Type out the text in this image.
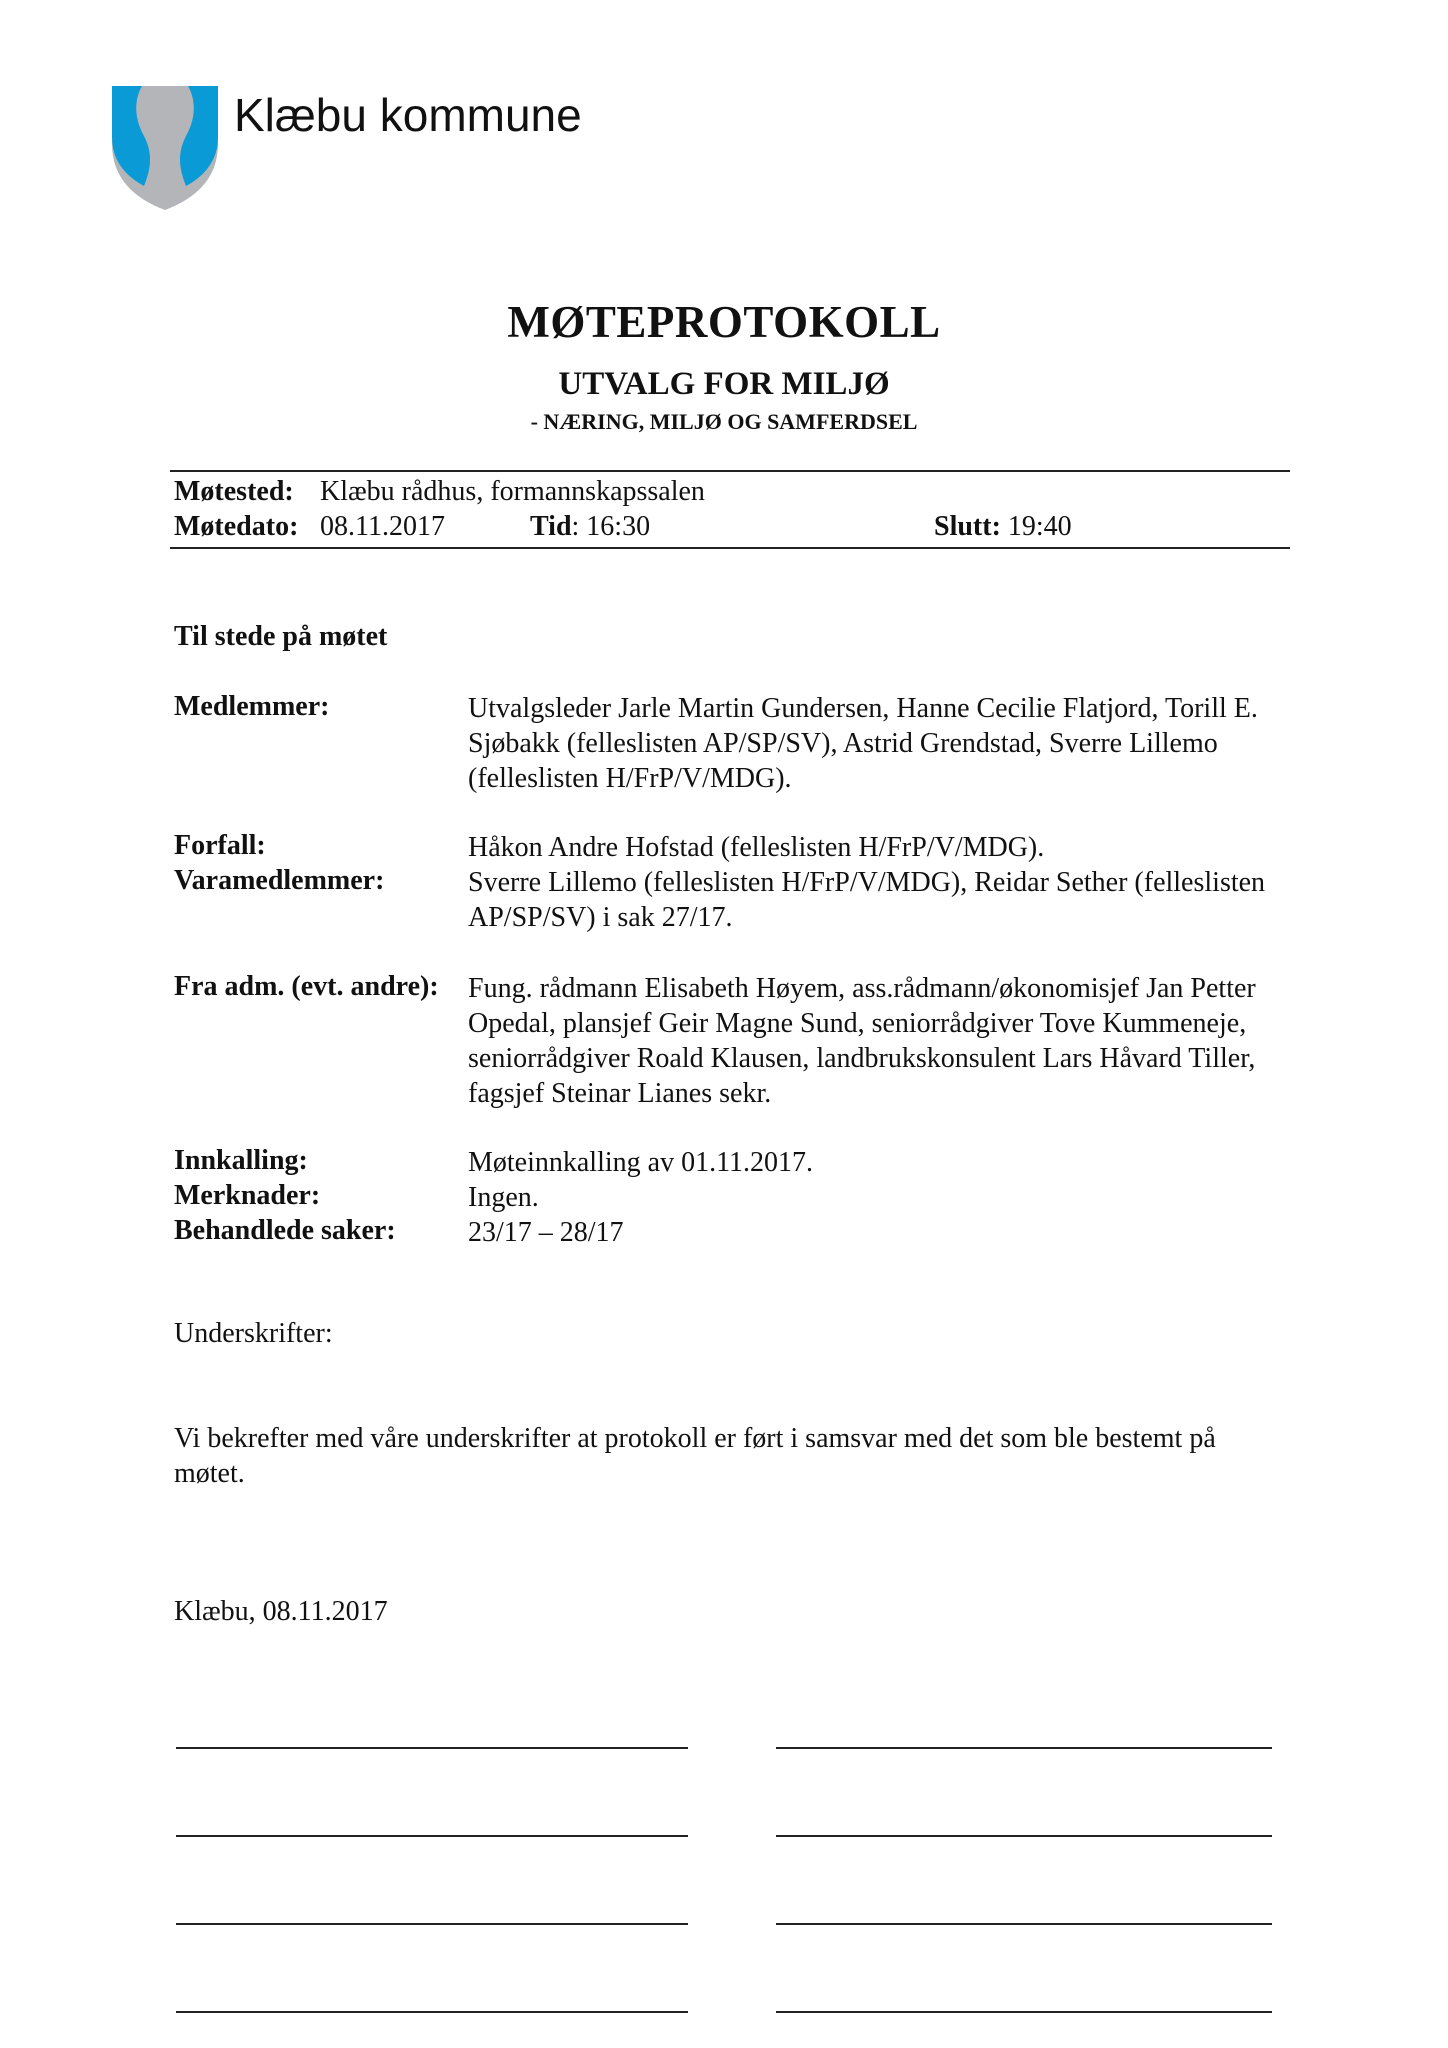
Klæbu kommune
MØTEPROTOKOLL
UTVALG FOR MILJØ
- NÆRING, MILJØ OG SAMFERDSEL
Møtested: Klæbu rådhus, formannskapssalen
Møtedato: 08.11.2017	Tid: 16:30	Slutt: 19:40
Til stede på møtet
Medlemmer:	Utvalgsleder Jarle Martin Gundersen, Hanne Cecilie Flatjord, Torill E. Sjøbakk (felleslisten AP/SP/SV), Astrid Grendstad, Sverre Lillemo (felleslisten H/FrP/V/MDG).
Forfall:	Håkon Andre Hofstad (felleslisten H/FrP/V/MDG).
Varamedlemmer:	Sverre Lillemo (felleslisten H/FrP/V/MDG), Reidar Sether (felleslisten AP/SP/SV) i sak 27/17.
Fra adm. (evt. andre): Fung. rådmann Elisabeth Høyem, ass.rådmann/økonomisjef Jan Petter Opedal, plansjef Geir Magne Sund, seniorrådgiver Tove Kummeneje, seniorrådgiver Roald Klausen, landbrukskonsulent Lars Håvard Tiller, fagsjef Steinar Lianes sekr.
Innkalling:	Møteinnkalling av 01.11.2017.
Merknader:	Ingen.
Behandlede saker:	23/17 – 28/17
Underskrifter:
Vi bekrefter med våre underskrifter at protokoll er ført i samsvar med det som ble bestemt på møtet.
Klæbu, 08.11.2017
